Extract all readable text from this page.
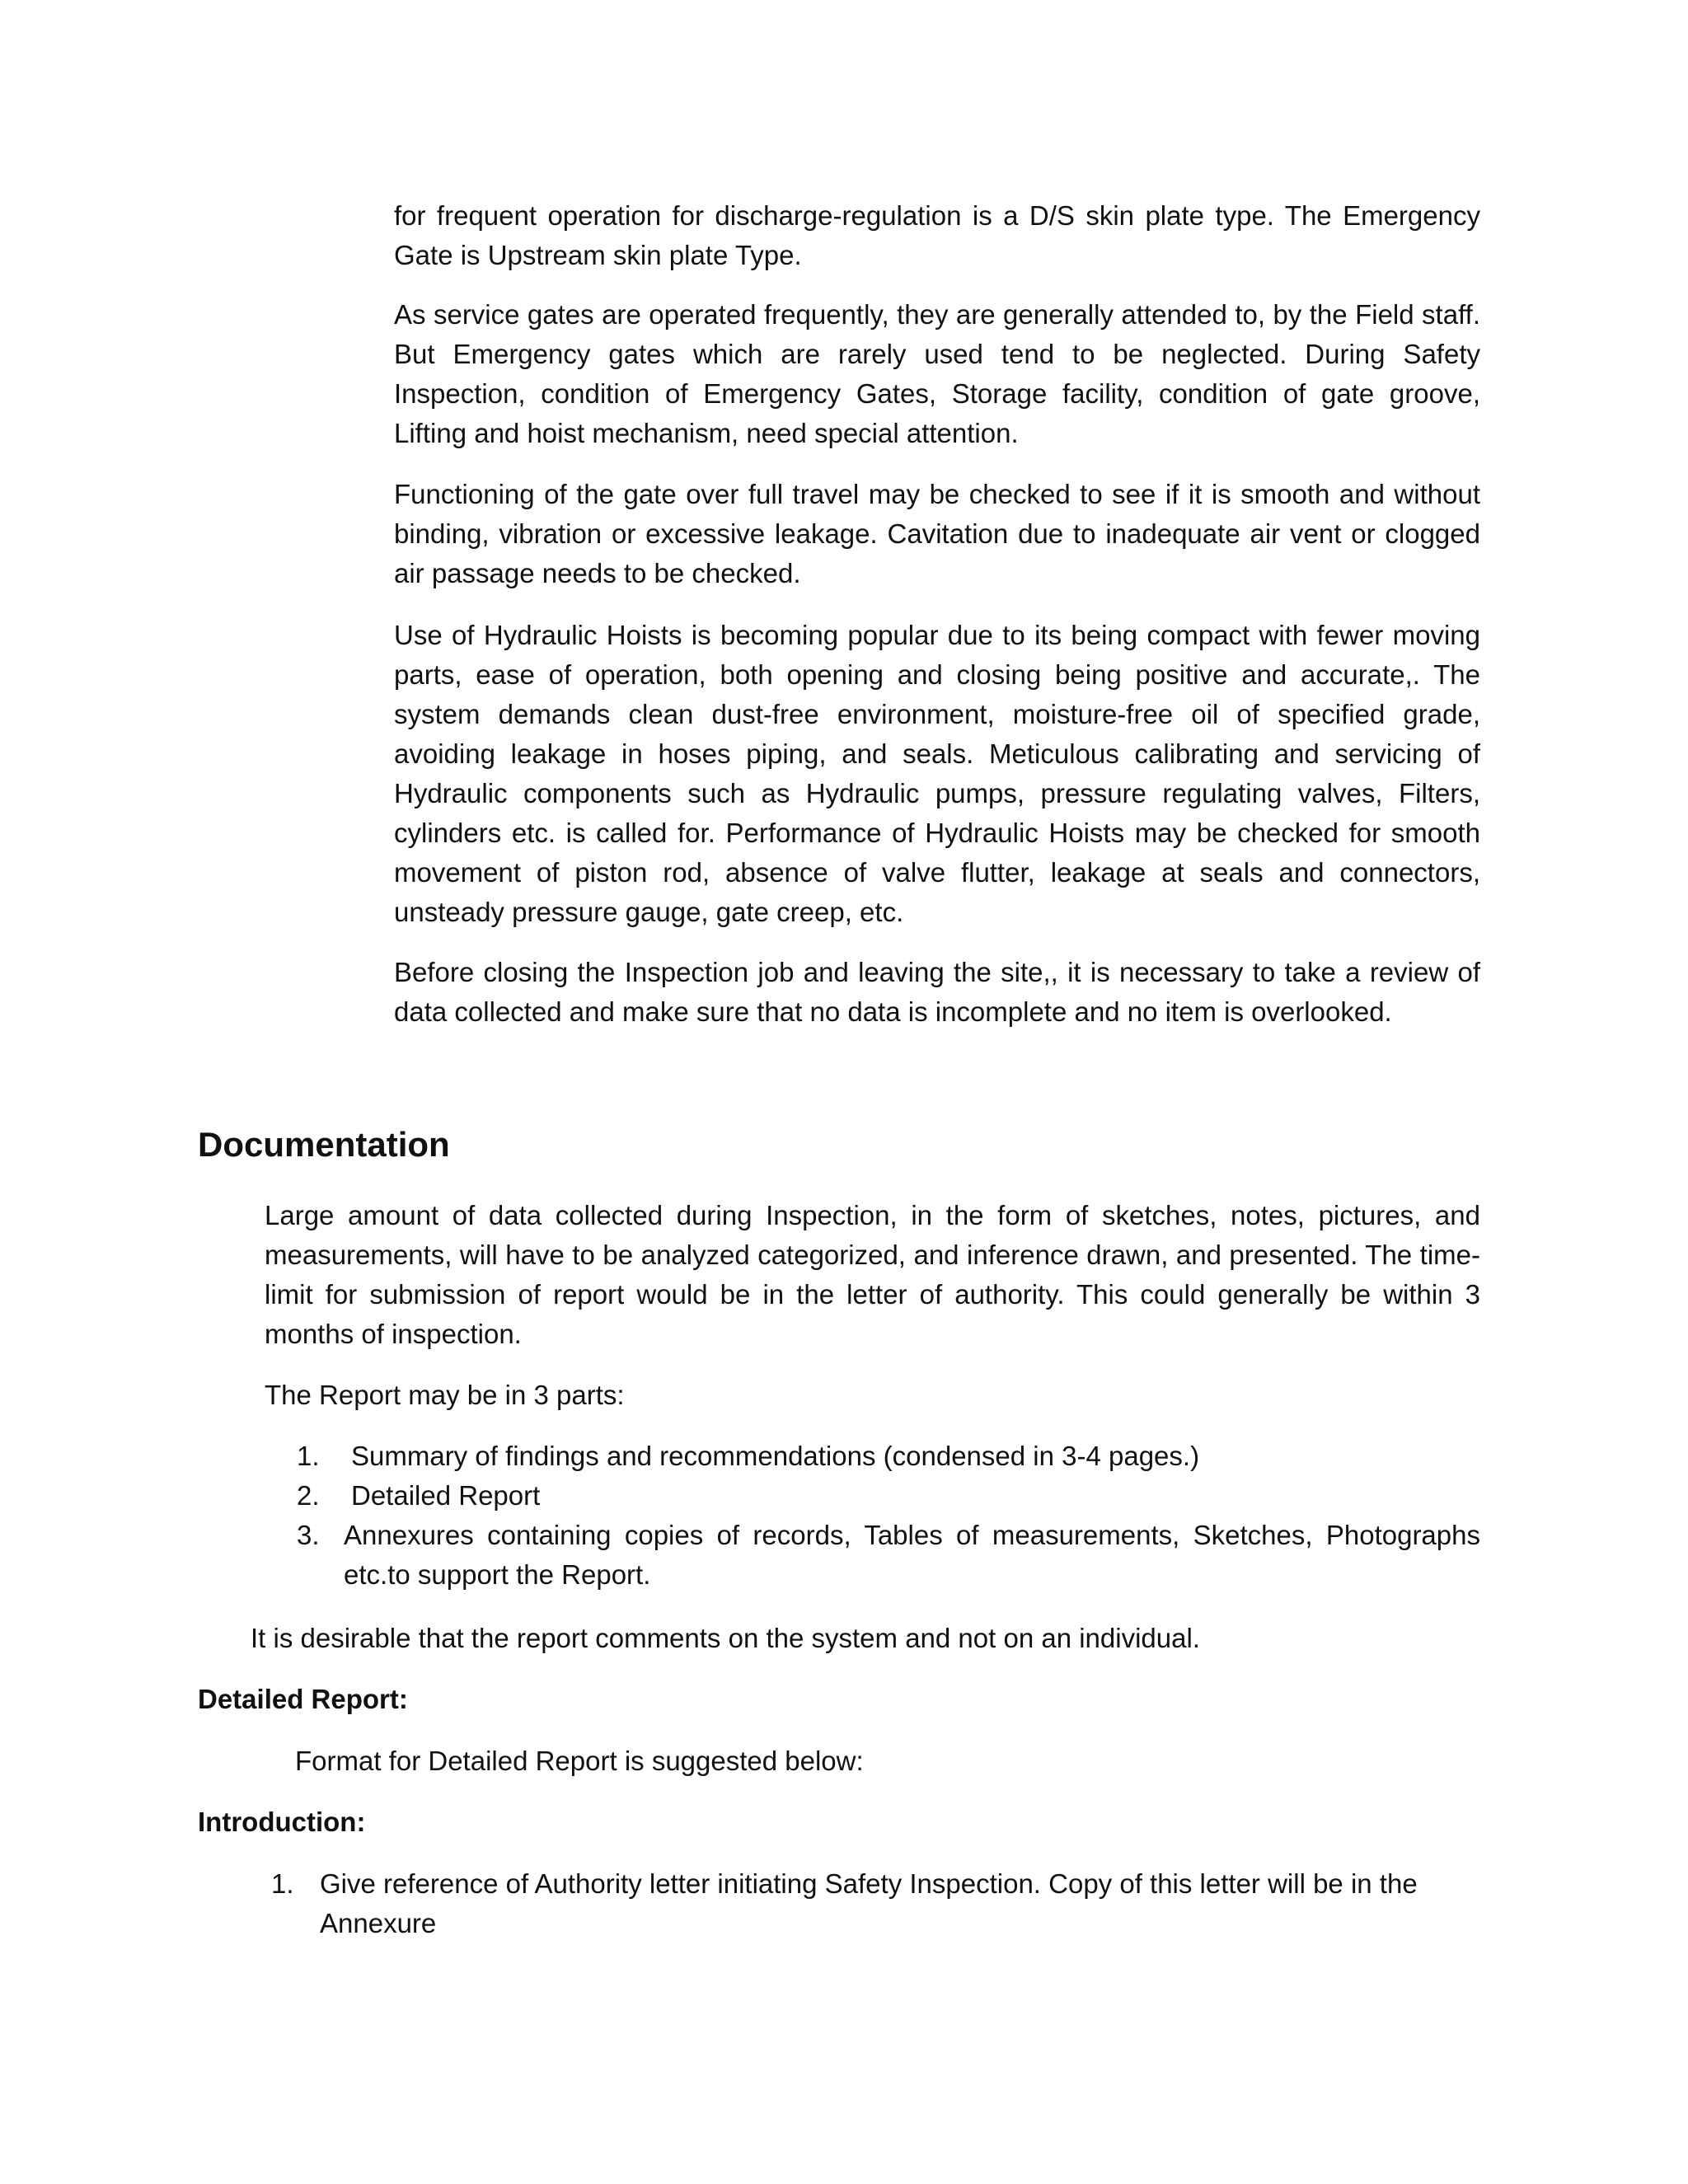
for frequent operation for discharge-regulation is a D/S skin plate type. The Emergency Gate is Upstream skin plate Type.

As service gates are operated frequently, they are generally attended to, by the Field staff. But Emergency gates which are rarely used tend to be neglected. During Safety Inspection, condition of Emergency Gates, Storage facility, condition of gate groove, Lifting and hoist mechanism, need special attention.

Functioning of the gate over full travel may be checked to see if it is smooth and without binding, vibration or excessive leakage. Cavitation due to inadequate air vent or clogged air passage needs to be checked.

Use of Hydraulic Hoists is becoming popular due to its being compact with fewer moving parts, ease of operation, both opening and closing being positive and accurate,. The system demands clean dust-free environment, moisture-free oil of specified grade, avoiding leakage in hoses piping, and seals. Meticulous calibrating and servicing of Hydraulic components such as Hydraulic pumps, pressure regulating valves, Filters, cylinders etc. is called for. Performance of Hydraulic Hoists may be checked for smooth movement of piston rod, absence of valve flutter, leakage at seals and connectors, unsteady pressure gauge, gate creep, etc.

Before closing the Inspection job and leaving the site,, it is necessary to take a review of data collected and make sure that no data is incomplete and no item is overlooked.

Documentation

Large amount of data collected during Inspection, in the form of sketches, notes, pictures, and measurements, will have to be analyzed categorized, and inference drawn, and presented. The time-limit for submission of report would be in the letter of authority. This could generally be within 3 months of inspection.

The Report may be in 3 parts:

1. Summary of findings and recommendations (condensed in 3-4 pages.)
2. Detailed Report
3. Annexures containing copies of records, Tables of measurements, Sketches, Photographs etc.to support the Report.

It is desirable that the report comments on the system and not on an individual.

Detailed Report:

Format for Detailed Report is suggested below:

Introduction:
1. Give reference of Authority letter initiating Safety Inspection. Copy of this letter will be in the Annexure
